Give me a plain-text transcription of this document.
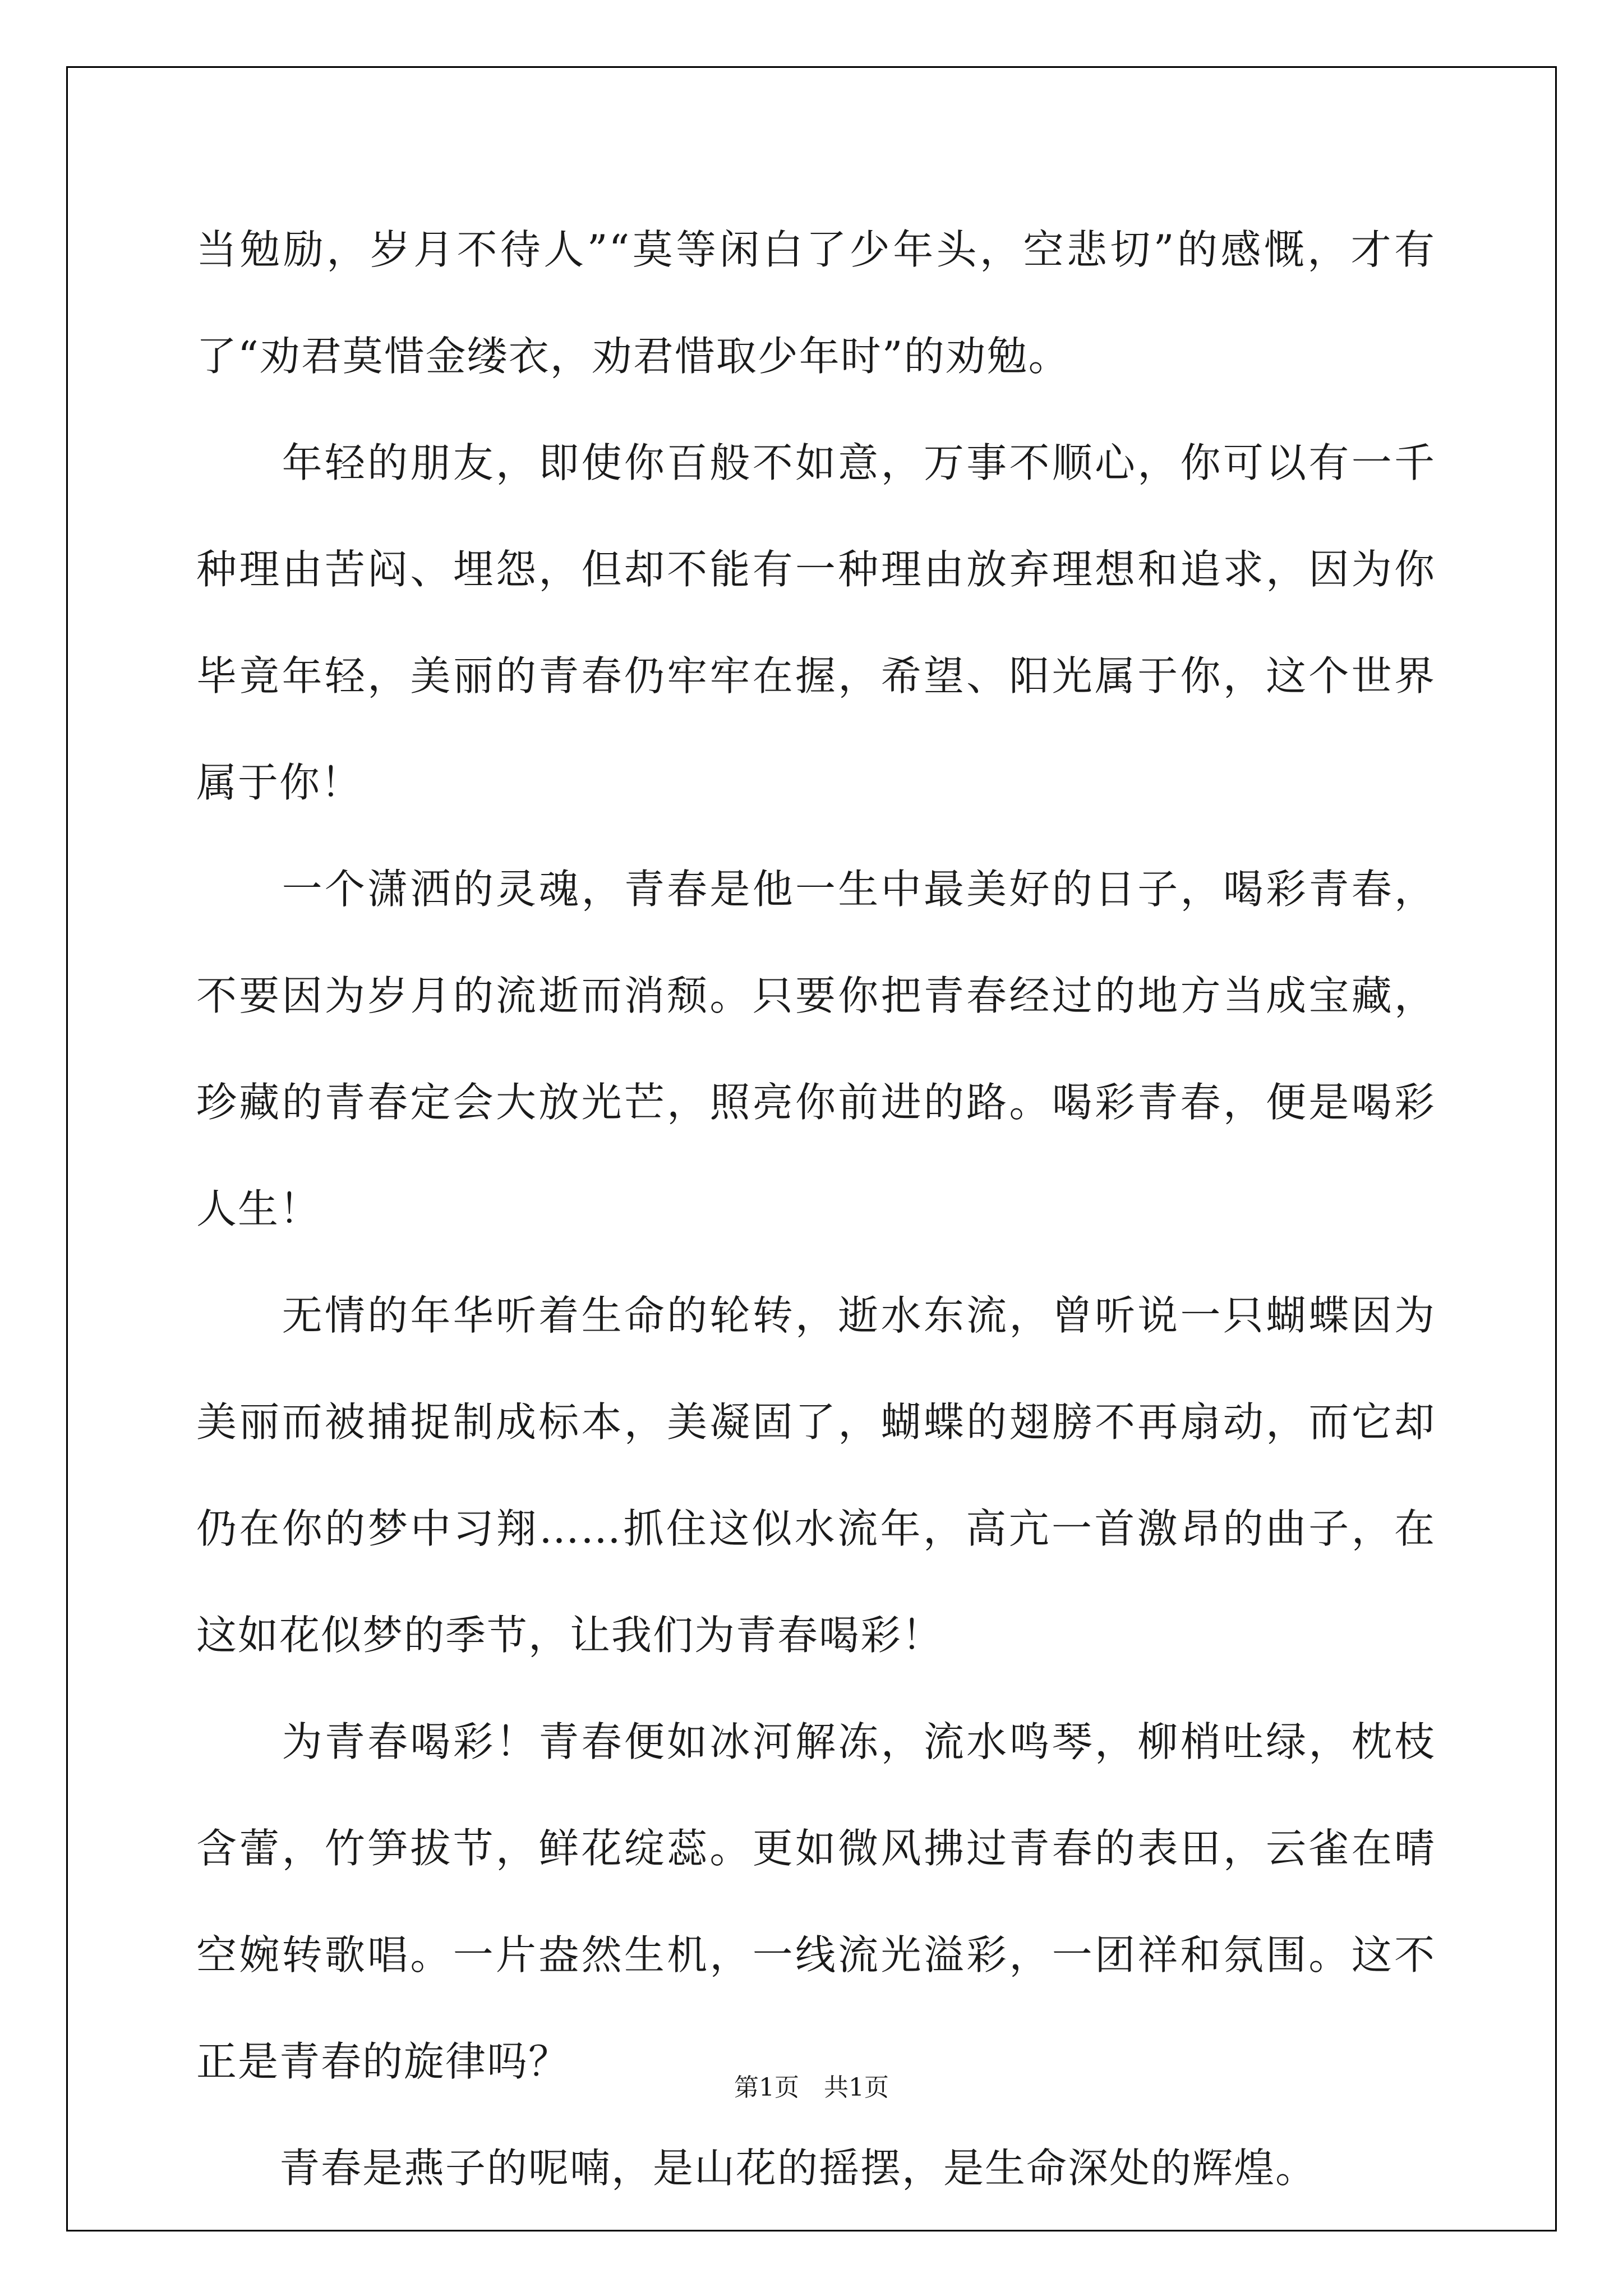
当勉励，岁月不待人”“莫等闲白了少年头，空悲切”的感慨，才有了“劝君莫惜金缕衣，劝君惜取少年时”的劝勉。

　　年轻的朋友，即使你百般不如意，万事不顺心，你可以有一千种理由苦闷、埋怨，但却不能有一种理由放弃理想和追求，因为你毕竟年轻，美丽的青春仍牢牢在握，希望、阳光属于你，这个世界属于你！

　　一个潇洒的灵魂，青春是他一生中最美好的日子，喝彩青春，不要因为岁月的流逝而消颓。只要你把青春经过的地方当成宝藏，珍藏的青春定会大放光芒，照亮你前进的路。喝彩青春，便是喝彩人生！

　　无情的年华听着生命的轮转，逝水东流，曾听说一只蝴蝶因为美丽而被捕捉制成标本，美凝固了，蝴蝶的翅膀不再扇动，而它却仍在你的梦中习翔……抓住这似水流年，高亢一首激昂的曲子，在这如花似梦的季节，让我们为青春喝彩！

　　为青春喝彩！青春便如冰河解冻，流水鸣琴，柳梢吐绿，枕枝含蕾，竹笋拔节，鲜花绽蕊。更如微风拂过青春的表田，云雀在晴空婉转歌唱。一片盎然生机，一线流光溢彩，一团祥和氛围。这不正是青春的旋律吗？

　　青春是燕子的呢喃，是山花的摇摆，是生命深处的辉煌。

第1页　共1页
